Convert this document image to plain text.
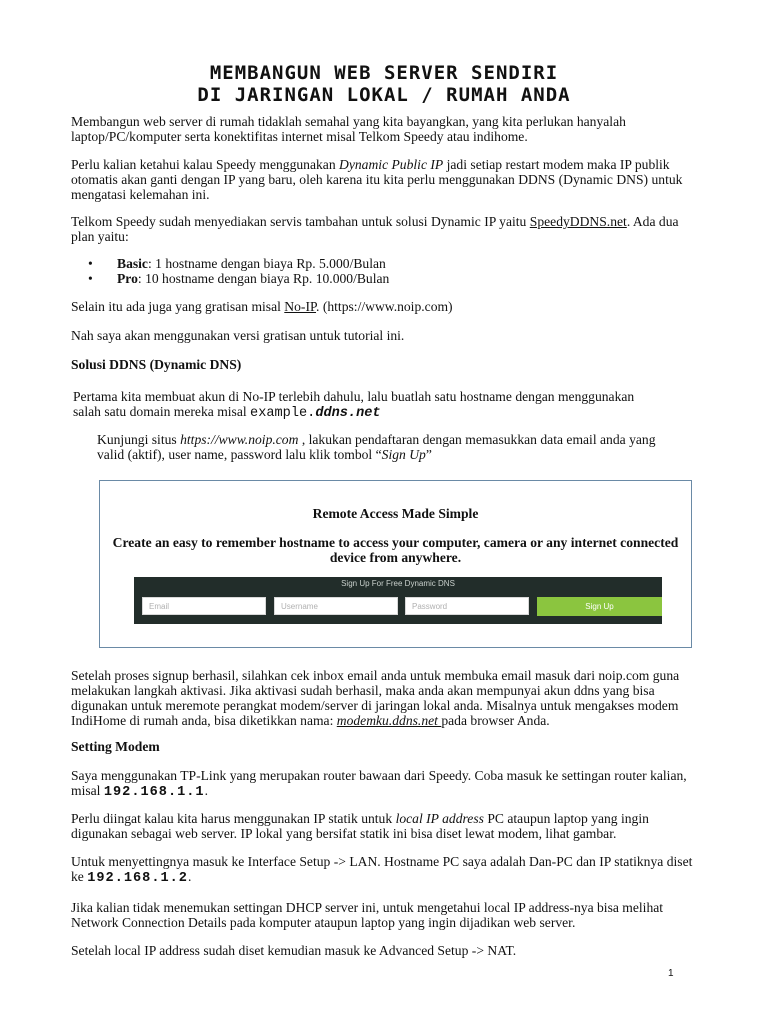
MEMBANGUN WEB SERVER SENDIRI
DI JARINGAN LOKAL / RUMAH ANDA

Membangun web server di rumah tidaklah semahal yang kita bayangkan, yang kita perlukan hanyalah laptop/PC/komputer serta konektifitas internet misal Telkom Speedy atau indihome.

Perlu kalian ketahui kalau Speedy menggunakan Dynamic Public IP jadi setiap restart modem maka IP publik otomatis akan ganti dengan IP yang baru, oleh karena itu kita perlu menggunakan DDNS (Dynamic DNS) untuk mengatasi kelemahan ini.

Telkom Speedy sudah menyediakan servis tambahan untuk solusi Dynamic IP yaitu SpeedyDDNS.net. Ada dua plan yaitu:

• Basic: 1 hostname dengan biaya Rp. 5.000/Bulan
• Pro: 10 hostname dengan biaya Rp. 10.000/Bulan

Selain itu ada juga yang gratisan misal No-IP. (https://www.noip.com)

Nah saya akan menggunakan versi gratisan untuk tutorial ini.

Solusi DDNS (Dynamic DNS)

Pertama kita membuat akun di No-IP terlebih dahulu, lalu buatlah satu hostname dengan menggunakan salah satu domain mereka misal example.ddns.net

Kunjungi situs https://www.noip.com , lakukan pendaftaran dengan memasukkan data email anda yang valid (aktif), user name, password lalu klik tombol “Sign Up”

Remote Access Made Simple
Create an easy to remember hostname to access your computer, camera or any internet connected device from anywhere.
Sign Up For Free Dynamic DNS
Email	Username	Password	Sign Up

Setelah proses signup berhasil, silahkan cek inbox email anda untuk membuka email masuk dari noip.com guna melakukan langkah aktivasi. Jika aktivasi sudah berhasil, maka anda akan mempunyai akun ddns yang bisa digunakan untuk meremote perangkat modem/server di jaringan lokal anda. Misalnya untuk mengakses modem IndiHome di rumah anda, bisa diketikkan nama: modemku.ddns.net pada browser Anda.

Setting Modem

Saya menggunakan TP-Link yang merupakan router bawaan dari Speedy. Coba masuk ke settingan router kalian, misal 192.168.1.1.

Perlu diingat kalau kita harus menggunakan IP statik untuk local IP address PC ataupun laptop yang ingin digunakan sebagai web server. IP lokal yang bersifat statik ini bisa diset lewat modem, lihat gambar.

Untuk menyettingnya masuk ke Interface Setup -> LAN. Hostname PC saya adalah Dan-PC dan IP statiknya diset ke 192.168.1.2.

Jika kalian tidak menemukan settingan DHCP server ini, untuk mengetahui local IP address-nya bisa melihat Network Connection Details pada komputer ataupun laptop yang ingin dijadikan web server.

Setelah local IP address sudah diset kemudian masuk ke Advanced Setup -> NAT.

1
